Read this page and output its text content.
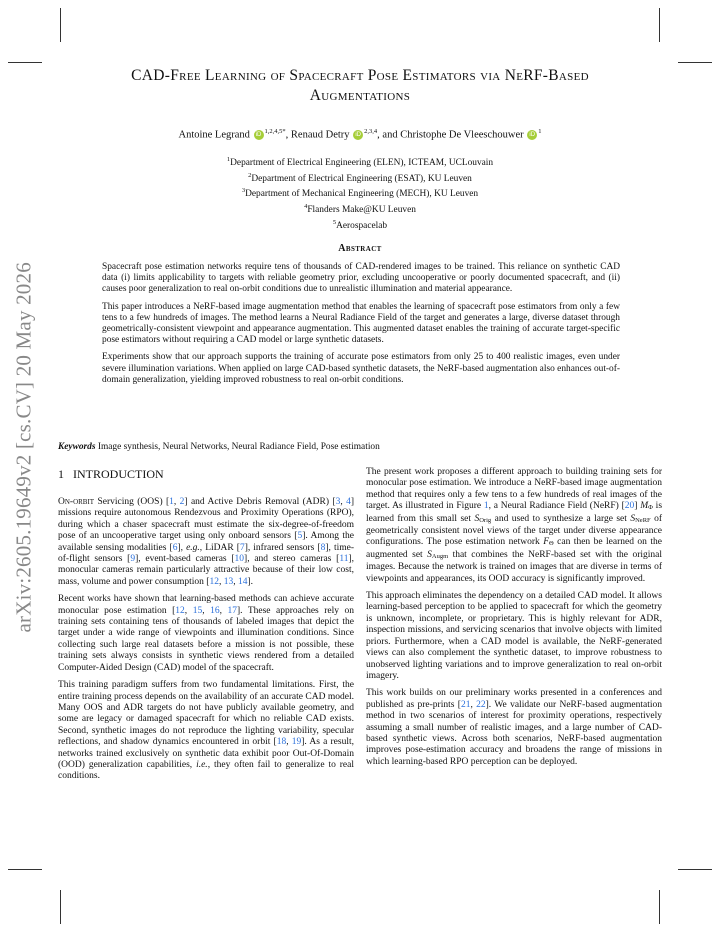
arXiv:2605.19649v2 [cs.CV] 20 May 2026
CAD-Free Learning of Spacecraft Pose Estimators via NeRF-Based
Augmentations
Antoine Legrand $iD^{1,2,4,5*}$, Renaud Detry iD$^{2,3,4}$, and Christophe De Vleeschouwer $iD^1$
$^1$Department of Electrical Engineering (ELEN), ICTEAM, UCLouvain
$^2$Department of Electrical Engineering (ESAT), KU Leuven
$^3$Department of Mechanical Engineering (MECH), KU Leuven
$^4$Flanders Make@KU Leuven
$^5$Aerospacelab
Abstract

Spacecraft pose estimation networks require tens of thousands of CAD-rendered images to be trained. This reliance on synthetic CAD data (i) limits applicability to targets with reliable geometry prior, excluding uncooperative or poorly documented spacecraft, and (ii) causes poor generalization to real on-orbit conditions due to unrealistic illumination and material appearance.

This paper introduces a NeRF-based image augmentation method that enables the learning of spacecraft pose estimators from only a few tens to a few hundreds of images. The method learns a Neural Radiance Field of the target and generates a large, diverse dataset through geometrically-consistent viewpoint and appearance augmentation. This augmented dataset enables the training of accurate target-specific pose estimators without requiring a CAD model or large synthetic datasets.

Experiments show that our approach supports the training of accurate pose estimators from only 25 to 400 realistic images, even under severe illumination variations. When applied on large CAD-based synthetic datasets, the NeRF-based augmentation also enhances out-of-domain generalization, yielding improved robustness to real on-orbit conditions.

Keywords Image synthesis, Neural Networks, Neural Radiance Field, Pose estimation
1 INTRODUCTION

On-orbit Servicing (OOS) [1, 2] and Active Debris Removal (ADR) [3, 4] missions require autonomous Rendezvous and Proximity Operations (RPO), during which a chaser spacecraft must estimate the six-degree-of-freedom pose of an uncooperative target using only onboard sensors [5]. Among the available sensing modalities [6], e.g., LiDAR [7], infrared sensors [8], time-of-flight sensors [9], event-based cameras [10], and stereo cameras [11], monocular cameras remain particularly attractive because of their low cost, mass, volume and power consumption [12, 13, 14].

Recent works have shown that learning-based methods can achieve accurate monocular pose estimation [12, 15, 16, 17]. These approaches rely on training sets containing tens of thousands of labeled images that depict the target under a wide range of viewpoints and illumination conditions. Since collecting such large real datasets before a mission is not possible, these training sets always consists in synthetic views rendered from a detailed Computer-Aided Design (CAD) model of the spacecraft.

This training paradigm suffers from two fundamental limitations. First, the entire training process depends on the availability of an accurate CAD model. Many OOS and ADR targets do not have publicly available geometry, and some are legacy or damaged spacecraft for which no reliable CAD exists. Second, synthetic images do not reproduce the lighting variability, specular reflections, and shadow dynamics encountered in orbit [18, 19]. As a result, networks trained exclusively on synthetic data exhibit poor Out-Of-Domain (OOD) generalization capabilities, i.e., they often fail to generalize to real conditions.

The present work proposes a different approach to building training sets for monocular pose estimation. We introduce a NeRF-based image augmentation method that requires only a few tens to a few hundreds of real images of the target. As illustrated in Figure 1, a Neural Radiance Field (NeRF) [20] MΦ is learned from this small set SOrig and used to synthesize a large set SNeRF of geometrically consistent novel views of the target under diverse appearance configurations. The pose estimation network FΘ can then be learned on the augmented set SAugm that combines the NeRF-based set with the original images. Because the network is trained on images that are diverse in terms of viewpoints and appearances, its OOD accuracy is significantly improved.

This approach eliminates the dependency on a detailed CAD model. It allows learning-based perception to be applied to spacecraft for which the geometry is unknown, incomplete, or proprietary. This is highly relevant for ADR, inspection missions, and servicing scenarios that involve objects with limited priors. Furthermore, when a CAD model is available, the NeRF-generated views can also complement the synthetic dataset, to improve robustness to unobserved lighting variations and to improve generalization to real on-orbit imagery.

This work builds on our preliminary works presented in a conferences and published as pre-prints [21, 22]. We validate our NeRF-based augmentation method in two scenarios of interest for proximity operations, respectively assuming a small number of realistic images, and a large number of CAD-based synthetic views. Across both scenarios, NeRF-based augmentation improves pose-estimation accuracy and broadens the range of missions in which learning-based RPO perception can be deployed.
